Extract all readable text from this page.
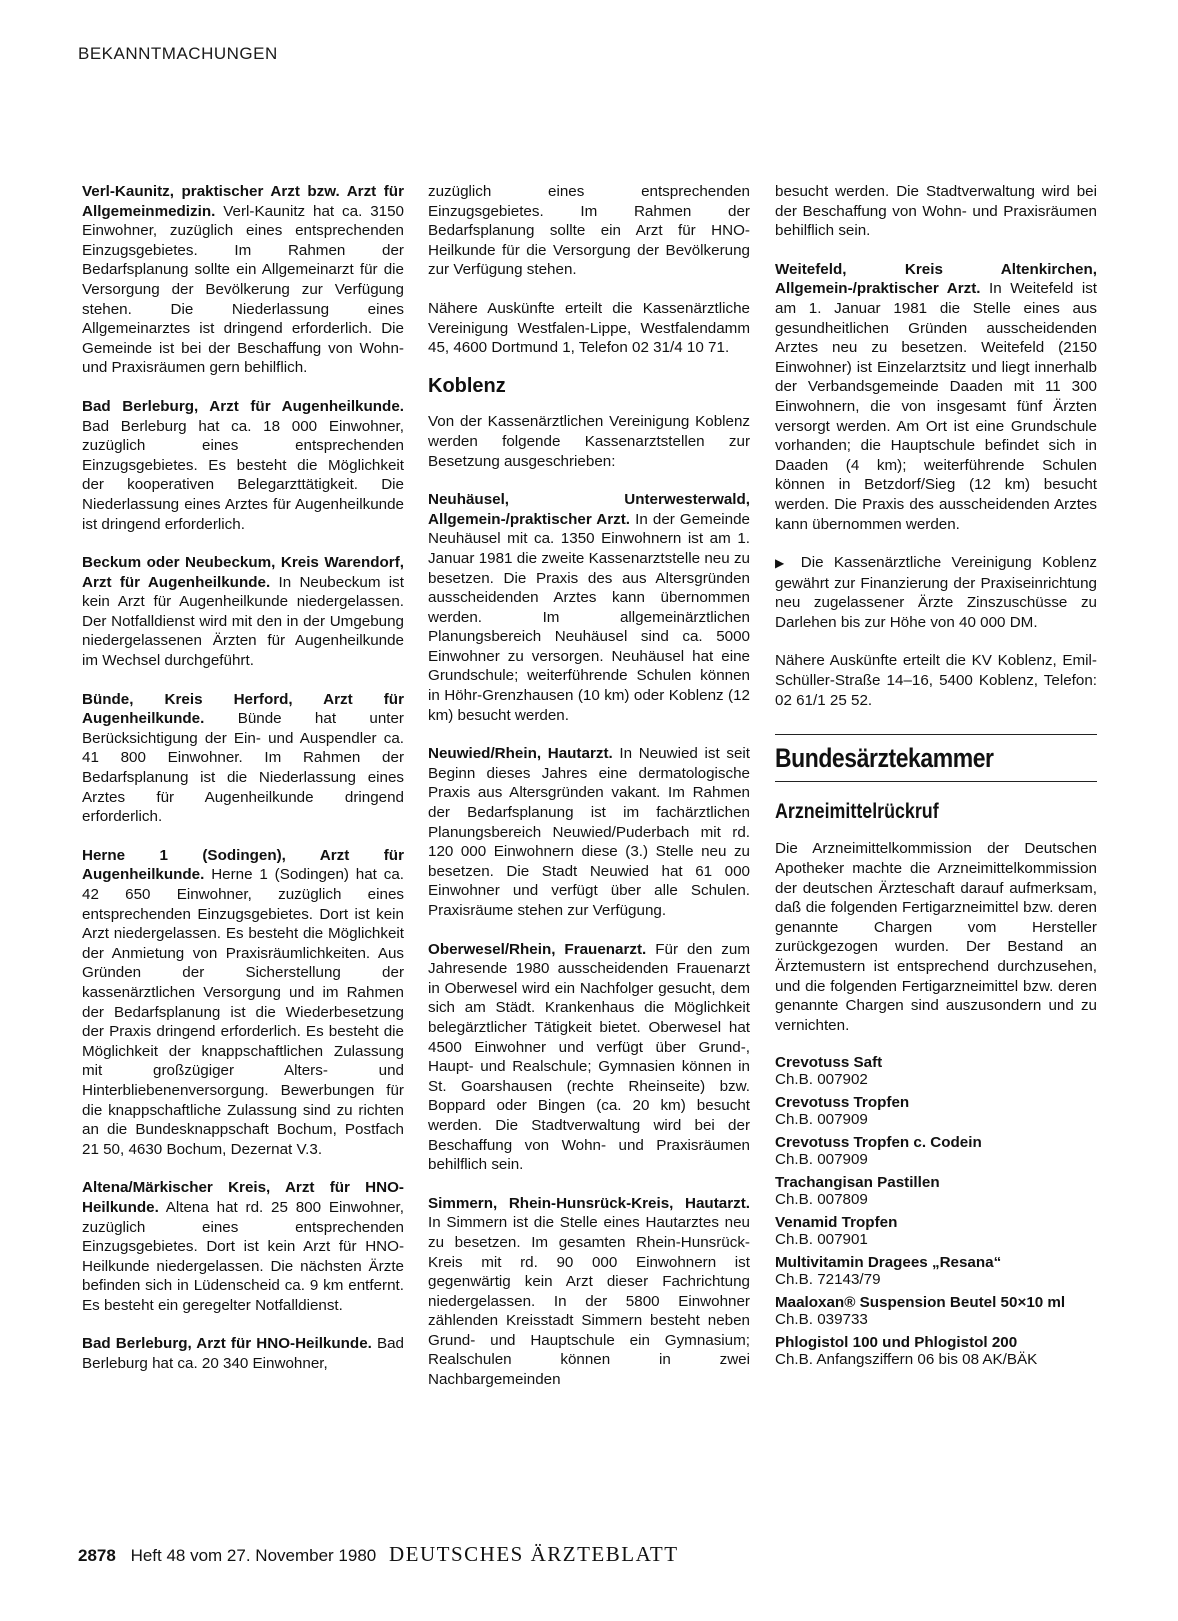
BEKANNTMACHUNGEN

Verl-Kaunitz, praktischer Arzt bzw. Arzt für Allgemeinmedizin. Verl-Kaunitz hat ca. 3150 Einwohner, zuzüglich eines entsprechenden Einzugsgebietes. Im Rahmen der Bedarfsplanung sollte ein Allgemeinarzt für die Versorgung der Bevölkerung zur Verfügung stehen. Die Niederlassung eines Allgemeinarztes ist dringend erforderlich. Die Gemeinde ist bei der Beschaffung von Wohn- und Praxisräumen gern behilflich.

Bad Berleburg, Arzt für Augenheilkunde. Bad Berleburg hat ca. 18 000 Einwohner, zuzüglich eines entsprechenden Einzugsgebietes. Es besteht die Möglichkeit der kooperativen Belegarzttätigkeit. Die Niederlassung eines Arztes für Augenheilkunde ist dringend erforderlich.

Beckum oder Neubeckum, Kreis Warendorf, Arzt für Augenheilkunde. In Neubeckum ist kein Arzt für Augenheilkunde niedergelassen. Der Notfalldienst wird mit den in der Umgebung niedergelassenen Ärzten für Augenheilkunde im Wechsel durchgeführt.

Bünde, Kreis Herford, Arzt für Augenheilkunde. Bünde hat unter Berücksichtigung der Ein- und Auspendler ca. 41 800 Einwohner. Im Rahmen der Bedarfsplanung ist die Niederlassung eines Arztes für Augenheilkunde dringend erforderlich.

Herne 1 (Sodingen), Arzt für Augenheilkunde. Herne 1 (Sodingen) hat ca. 42 650 Einwohner, zuzüglich eines entsprechenden Einzugsgebietes. Dort ist kein Arzt niedergelassen. Es besteht die Möglichkeit der Anmietung von Praxisräumlichkeiten. Aus Gründen der Sicherstellung der kassenärztlichen Versorgung und im Rahmen der Bedarfsplanung ist die Wiederbesetzung der Praxis dringend erforderlich. Es besteht die Möglichkeit der knappschaftlichen Zulassung mit großzügiger Alters- und Hinterbliebenenversorgung. Bewerbungen für die knappschaftliche Zulassung sind zu richten an die Bundesknappschaft Bochum, Postfach 21 50, 4630 Bochum, Dezernat V.3.

Altena/Märkischer Kreis, Arzt für HNO-Heilkunde. Altena hat rd. 25 800 Einwohner, zuzüglich eines entsprechenden Einzugsgebietes. Dort ist kein Arzt für HNO-Heilkunde niedergelassen. Die nächsten Ärzte befinden sich in Lüdenscheid ca. 9 km entfernt. Es besteht ein geregelter Notfalldienst.

Bad Berleburg, Arzt für HNO-Heilkunde. Bad Berleburg hat ca. 20 340 Einwohner,

zuzüglich eines entsprechenden Einzugsgebietes. Im Rahmen der Bedarfsplanung sollte ein Arzt für HNO-Heilkunde für die Versorgung der Bevölkerung zur Verfügung stehen.

Nähere Auskünfte erteilt die Kassenärztliche Vereinigung Westfalen-Lippe, Westfalendamm 45, 4600 Dortmund 1, Telefon 02 31/4 10 71.

Koblenz

Von der Kassenärztlichen Vereinigung Koblenz werden folgende Kassenarztstellen zur Besetzung ausgeschrieben:

Neuhäusel, Unterwesterwald, Allgemein-/praktischer Arzt. In der Gemeinde Neuhäusel mit ca. 1350 Einwohnern ist am 1. Januar 1981 die zweite Kassenarztstelle neu zu besetzen. Die Praxis des aus Altersgründen ausscheidenden Arztes kann übernommen werden. Im allgemeinärztlichen Planungsbereich Neuhäusel sind ca. 5000 Einwohner zu versorgen. Neuhäusel hat eine Grundschule; weiterführende Schulen können in Höhr-Grenzhausen (10 km) oder Koblenz (12 km) besucht werden.

Neuwied/Rhein, Hautarzt. In Neuwied ist seit Beginn dieses Jahres eine dermatologische Praxis aus Altersgründen vakant. Im Rahmen der Bedarfsplanung ist im fachärztlichen Planungsbereich Neuwied/Puderbach mit rd. 120 000 Einwohnern diese (3.) Stelle neu zu besetzen. Die Stadt Neuwied hat 61 000 Einwohner und verfügt über alle Schulen. Praxisräume stehen zur Verfügung.

Oberwesel/Rhein, Frauenarzt. Für den zum Jahresende 1980 ausscheidenden Frauenarzt in Oberwesel wird ein Nachfolger gesucht, dem sich am Städt. Krankenhaus die Möglichkeit belegärztlicher Tätigkeit bietet. Oberwesel hat 4500 Einwohner und verfügt über Grund-, Haupt- und Realschule; Gymnasien können in St. Goarshausen (rechte Rheinseite) bzw. Boppard oder Bingen (ca. 20 km) besucht werden. Die Stadtverwaltung wird bei der Beschaffung von Wohn- und Praxisräumen behilflich sein.

Simmern, Rhein-Hunsrück-Kreis, Hautarzt. In Simmern ist die Stelle eines Hautarztes neu zu besetzen. Im gesamten Rhein-Hunsrück-Kreis mit rd. 90 000 Einwohnern ist gegenwärtig kein Arzt dieser Fachrichtung niedergelassen. In der 5800 Einwohner zählenden Kreisstadt Simmern besteht neben Grund- und Hauptschule ein Gymnasium; Realschulen können in zwei Nachbargemeinden

besucht werden. Die Stadtverwaltung wird bei der Beschaffung von Wohn- und Praxisräumen behilflich sein.

Weitefeld, Kreis Altenkirchen, Allgemein-/praktischer Arzt. In Weitefeld ist am 1. Januar 1981 die Stelle eines aus gesundheitlichen Gründen ausscheidenden Arztes neu zu besetzen. Weitefeld (2150 Einwohner) ist Einzelarztsitz und liegt innerhalb der Verbandsgemeinde Daaden mit 11 300 Einwohnern, die von insgesamt fünf Ärzten versorgt werden. Am Ort ist eine Grundschule vorhanden; die Hauptschule befindet sich in Daaden (4 km); weiterführende Schulen können in Betzdorf/Sieg (12 km) besucht werden. Die Praxis des ausscheidenden Arztes kann übernommen werden.

▶ Die Kassenärztliche Vereinigung Koblenz gewährt zur Finanzierung der Praxiseinrichtung neu zugelassener Ärzte Zinszuschüsse zu Darlehen bis zur Höhe von 40 000 DM.

Nähere Auskünfte erteilt die KV Koblenz, Emil-Schüller-Straße 14–16, 5400 Koblenz, Telefon: 02 61/1 25 52.

Bundesärztekammer
Arzneimittelrückruf

Die Arzneimittelkommission der Deutschen Apotheker machte die Arzneimittelkommission der deutschen Ärzteschaft darauf aufmerksam, daß die folgenden Fertigarzneimittel bzw. deren genannte Chargen vom Hersteller zurückgezogen wurden. Der Bestand an Ärztemustern ist entsprechend durchzusehen, und die folgenden Fertigarzneimittel bzw. deren genannte Chargen sind auszusondern und zu vernichten.

Crevotuss Saft
Ch.B. 007902
Crevotuss Tropfen
Ch.B. 007909
Crevotuss Tropfen c. Codein
Ch.B. 007909
Trachangisan Pastillen
Ch.B. 007809
Venamid Tropfen
Ch.B. 007901
Multivitamin Dragees „Resana“
Ch.B. 72143/79
Maaloxan® Suspension Beutel 50×10 ml
Ch.B. 039733
Phlogistol 100 und Phlogistol 200
Ch.B. Anfangsziffern 06 bis 08 AK/BÄK
2878 Heft 48 vom 27. November 1980 DEUTSCHES ÄRZTEBLATT
